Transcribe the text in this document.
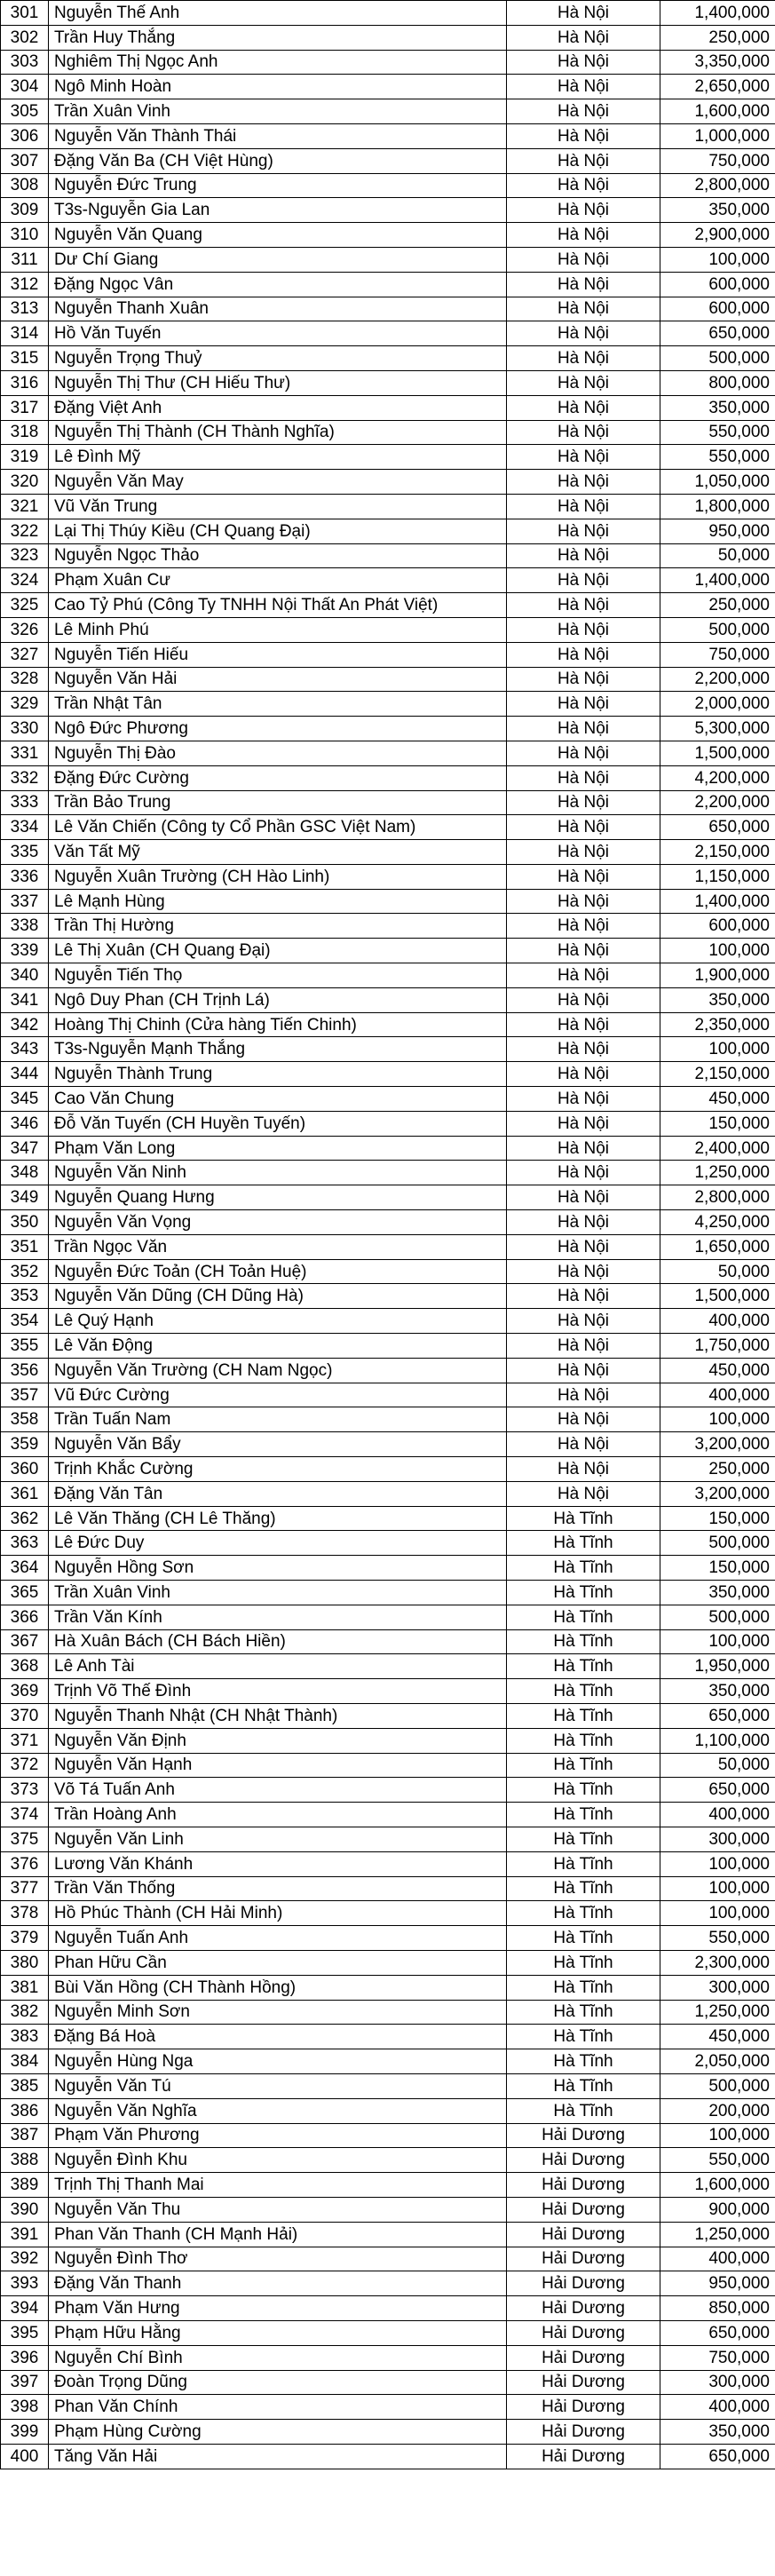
301	Nguyễn Thế Anh	Hà Nội	1,400,000
302	Trần Huy Thắng	Hà Nội	250,000
303	Nghiêm Thị Ngọc Anh	Hà Nội	3,350,000
304	Ngô Minh Hoàn	Hà Nội	2,650,000
305	Trần Xuân Vinh	Hà Nội	1,600,000
306	Nguyễn Văn Thành Thái	Hà Nội	1,000,000
307	Đặng Văn Ba (CH Việt Hùng)	Hà Nội	750,000
308	Nguyễn Đức Trung	Hà Nội	2,800,000
309	T3s-Nguyễn Gia Lan	Hà Nội	350,000
310	Nguyễn Văn Quang	Hà Nội	2,900,000
311	Dư Chí Giang	Hà Nội	100,000
312	Đặng Ngọc Vân	Hà Nội	600,000
313	Nguyễn Thanh Xuân	Hà Nội	600,000
314	Hồ Văn Tuyến	Hà Nội	650,000
315	Nguyễn Trọng Thuỷ	Hà Nội	500,000
316	Nguyễn Thị Thư (CH Hiếu Thư)	Hà Nội	800,000
317	Đặng Việt Anh	Hà Nội	350,000
318	Nguyễn Thị Thành (CH Thành Nghĩa)	Hà Nội	550,000
319	Lê Đình Mỹ	Hà Nội	550,000
320	Nguyễn Văn May	Hà Nội	1,050,000
321	Vũ Văn Trung	Hà Nội	1,800,000
322	Lại Thị Thúy Kiều (CH Quang Đại)	Hà Nội	950,000
323	Nguyễn Ngọc Thảo	Hà Nội	50,000
324	Phạm Xuân Cư	Hà Nội	1,400,000
325	Cao Tỷ Phú (Công Ty TNHH Nội Thất An Phát Việt)	Hà Nội	250,000
326	Lê Minh Phú	Hà Nội	500,000
327	Nguyễn Tiến Hiếu	Hà Nội	750,000
328	Nguyễn Văn Hải	Hà Nội	2,200,000
329	Trần Nhật Tân	Hà Nội	2,000,000
330	Ngô Đức Phương	Hà Nội	5,300,000
331	Nguyễn Thị Đào	Hà Nội	1,500,000
332	Đặng Đức Cường	Hà Nội	4,200,000
333	Trần Bảo Trung	Hà Nội	2,200,000
334	Lê Văn Chiến (Công ty Cổ Phần GSC Việt Nam)	Hà Nội	650,000
335	Văn Tất Mỹ	Hà Nội	2,150,000
336	Nguyễn Xuân Trường (CH Hào Linh)	Hà Nội	1,150,000
337	Lê Mạnh Hùng	Hà Nội	1,400,000
338	Trần Thị Hường	Hà Nội	600,000
339	Lê Thị Xuân (CH Quang Đại)	Hà Nội	100,000
340	Nguyễn Tiến Thọ	Hà Nội	1,900,000
341	Ngô Duy Phan (CH Trịnh Lá)	Hà Nội	350,000
342	Hoàng Thị Chinh (Cửa hàng Tiến Chinh)	Hà Nội	2,350,000
343	T3s-Nguyễn Mạnh Thắng	Hà Nội	100,000
344	Nguyễn Thành Trung	Hà Nội	2,150,000
345	Cao Văn Chung	Hà Nội	450,000
346	Đỗ Văn Tuyến (CH Huyền Tuyến)	Hà Nội	150,000
347	Phạm Văn Long	Hà Nội	2,400,000
348	Nguyễn Văn Ninh	Hà Nội	1,250,000
349	Nguyễn Quang Hưng	Hà Nội	2,800,000
350	Nguyễn Văn Vọng	Hà Nội	4,250,000
351	Trần Ngọc Văn	Hà Nội	1,650,000
352	Nguyễn Đức Toản (CH Toản Huệ)	Hà Nội	50,000
353	Nguyễn Văn Dũng (CH Dũng Hà)	Hà Nội	1,500,000
354	Lê Quý Hạnh	Hà Nội	400,000
355	Lê Văn Động	Hà Nội	1,750,000
356	Nguyễn Văn Trường (CH Nam Ngọc)	Hà Nội	450,000
357	Vũ Đức Cường	Hà Nội	400,000
358	Trần Tuấn Nam	Hà Nội	100,000
359	Nguyễn Văn Bẩy	Hà Nội	3,200,000
360	Trịnh Khắc Cường	Hà Nội	250,000
361	Đặng Văn Tân	Hà Nội	3,200,000
362	Lê Văn Thăng (CH Lê Thăng)	Hà Tĩnh	150,000
363	Lê Đức Duy	Hà Tĩnh	500,000
364	Nguyễn Hồng Sơn	Hà Tĩnh	150,000
365	Trần Xuân Vinh	Hà Tĩnh	350,000
366	Trần Văn Kính	Hà Tĩnh	500,000
367	Hà Xuân Bách (CH Bách Hiền)	Hà Tĩnh	100,000
368	Lê Anh Tài	Hà Tĩnh	1,950,000
369	Trịnh Võ Thế Đình	Hà Tĩnh	350,000
370	Nguyễn Thanh Nhật (CH Nhật Thành)	Hà Tĩnh	650,000
371	Nguyễn Văn Định	Hà Tĩnh	1,100,000
372	Nguyễn Văn Hạnh	Hà Tĩnh	50,000
373	Võ Tá Tuấn Anh	Hà Tĩnh	650,000
374	Trần Hoàng Anh	Hà Tĩnh	400,000
375	Nguyễn Văn Linh	Hà Tĩnh	300,000
376	Lương Văn Khánh	Hà Tĩnh	100,000
377	Trần Văn Thống	Hà Tĩnh	100,000
378	Hồ Phúc Thành (CH Hải Minh)	Hà Tĩnh	100,000
379	Nguyễn Tuấn Anh	Hà Tĩnh	550,000
380	Phan Hữu Cần	Hà Tĩnh	2,300,000
381	Bùi Văn Hồng (CH Thành Hồng)	Hà Tĩnh	300,000
382	Nguyễn Minh Sơn	Hà Tĩnh	1,250,000
383	Đặng Bá Hoà	Hà Tĩnh	450,000
384	Nguyễn Hùng Nga	Hà Tĩnh	2,050,000
385	Nguyễn Văn Tú	Hà Tĩnh	500,000
386	Nguyễn Văn Nghĩa	Hà Tĩnh	200,000
387	Phạm Văn Phương	Hải Dương	100,000
388	Nguyễn Đình Khu	Hải Dương	550,000
389	Trịnh Thị Thanh Mai	Hải Dương	1,600,000
390	Nguyễn Văn Thu	Hải Dương	900,000
391	Phan Văn Thanh (CH Mạnh Hải)	Hải Dương	1,250,000
392	Nguyễn Đình Thơ	Hải Dương	400,000
393	Đặng Văn Thanh	Hải Dương	950,000
394	Phạm Văn Hưng	Hải Dương	850,000
395	Phạm Hữu Hằng	Hải Dương	650,000
396	Nguyễn Chí Bình	Hải Dương	750,000
397	Đoàn Trọng Dũng	Hải Dương	300,000
398	Phan Văn Chính	Hải Dương	400,000
399	Phạm Hùng Cường	Hải Dương	350,000
400	Tăng Văn Hải	Hải Dương	650,000
